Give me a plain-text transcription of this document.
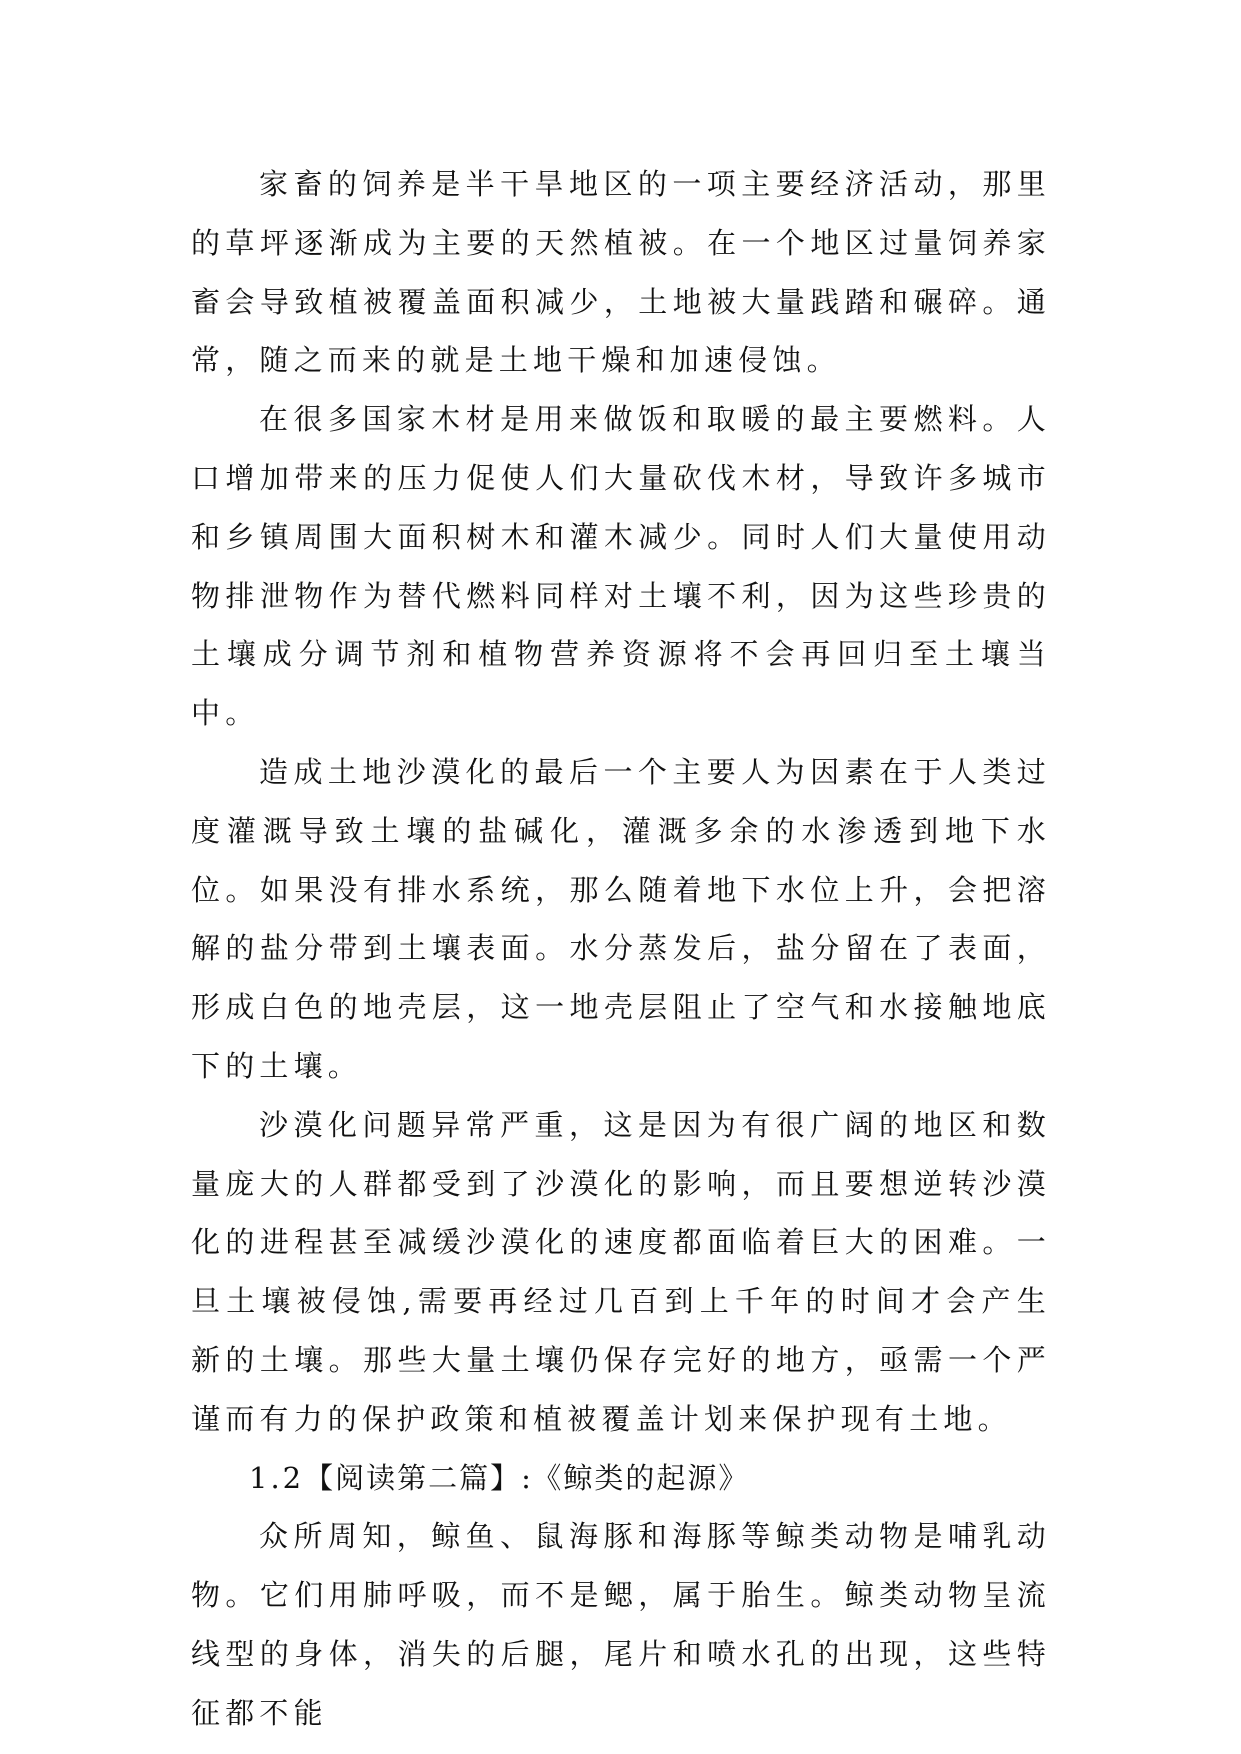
家畜的饲养是半干旱地区的一项主要经济活动，那里的草坪逐渐成为主要的天然植被。在一个地区过量饲养家畜会导致植被覆盖面积减少，土地被大量践踏和碾碎。通常，随之而来的就是土地干燥和加速侵蚀。

在很多国家木材是用来做饭和取暖的最主要燃料。人口增加带来的压力促使人们大量砍伐木材，导致许多城市和乡镇周围大面积树木和灌木减少。同时人们大量使用动物排泄物作为替代燃料同样对土壤不利，因为这些珍贵的土壤成分调节剂和植物营养资源将不会再回归至土壤当中。

造成土地沙漠化的最后一个主要人为因素在于人类过度灌溉导致土壤的盐碱化，灌溉多余的水渗透到地下水位。如果没有排水系统，那么随着地下水位上升，会把溶解的盐分带到土壤表面。水分蒸发后，盐分留在了表面，形成白色的地壳层，这一地壳层阻止了空气和水接触地底下的土壤。

沙漠化问题异常严重，这是因为有很广阔的地区和数量庞大的人群都受到了沙漠化的影响，而且要想逆转沙漠化的进程甚至减缓沙漠化的速度都面临着巨大的困难。一旦土壤被侵蚀,需要再经过几百到上千年的时间才会产生新的土壤。那些大量土壤仍保存完好的地方，亟需一个严谨而有力的保护政策和植被覆盖计划来保护现有土地。

1.2【阅读第二篇】:《鲸类的起源》

众所周知，鲸鱼、鼠海豚和海豚等鲸类动物是哺乳动物。它们用肺呼吸，而不是鳃，属于胎生。鲸类动物呈流线型的身体，消失的后腿，尾片和喷水孔的出现，这些特征都不能
